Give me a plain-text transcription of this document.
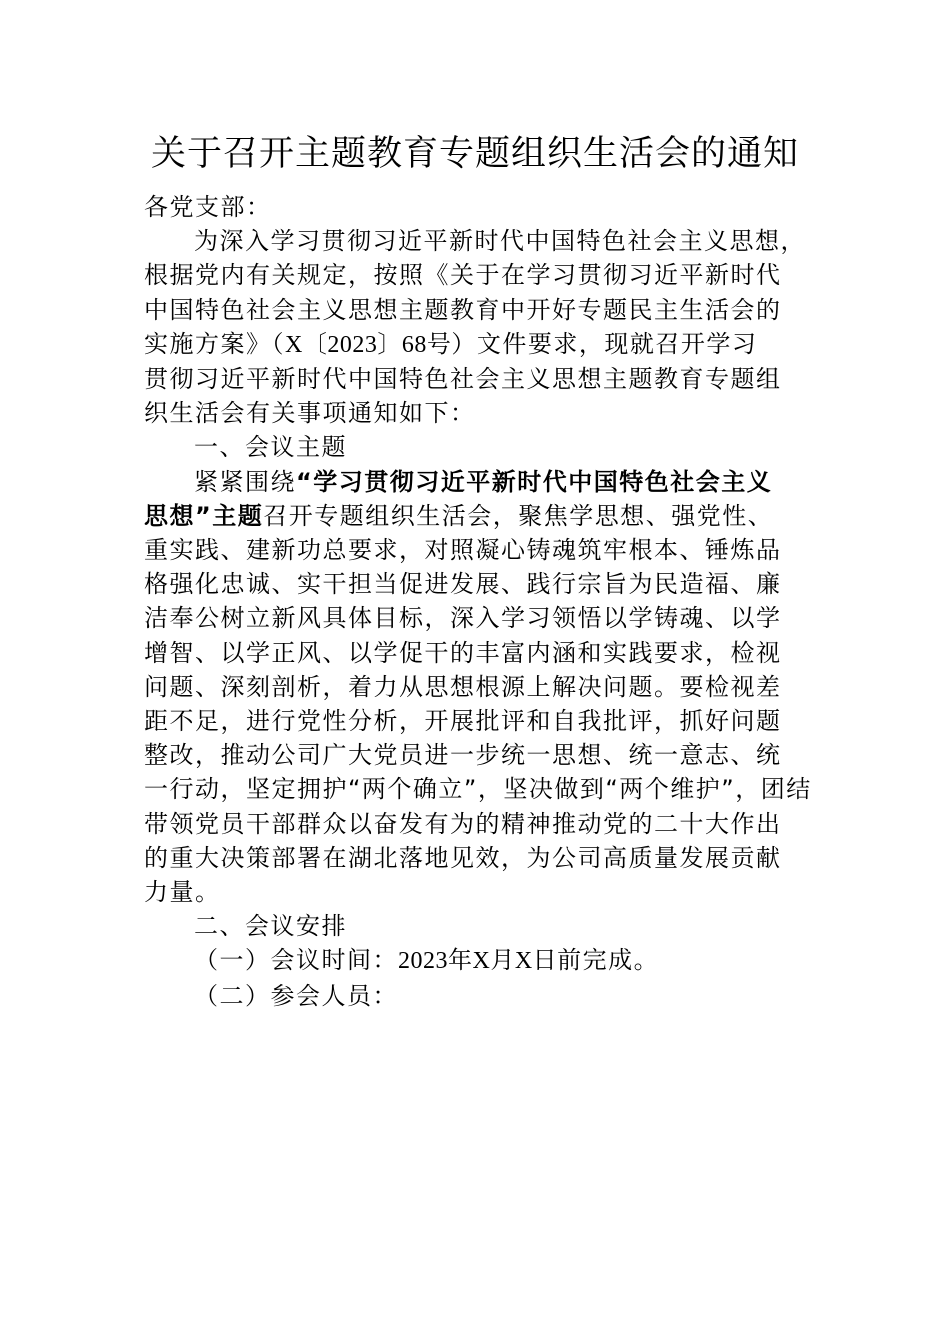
关于召开主题教育专题组织生活会的通知

各党支部：

为深入学习贯彻习近平新时代中国特色社会主义思想，

根据党内有关规定，按照《关于在学习贯彻习近平新时代

中国特色社会主义思想主题教育中开好专题民主生活会的

实施方案》（X〔2023〕68号）文件要求，现就召开学习

贯彻习近平新时代中国特色社会主义思想主题教育专题组

织生活会有关事项通知如下：

一、会议主题

紧紧围绕“学习贯彻习近平新时代中国特色社会主义

思想”主题召开专题组织生活会，聚焦学思想、强党性、

重实践、建新功总要求，对照凝心铸魂筑牢根本、锤炼品

格强化忠诚、实干担当促进发展、践行宗旨为民造福、廉

洁奉公树立新风具体目标，深入学习领悟以学铸魂、以学

增智、以学正风、以学促干的丰富内涵和实践要求，检视

问题、深刻剖析，着力从思想根源上解决问题。要检视差

距不足，进行党性分析，开展批评和自我批评，抓好问题

整改，推动公司广大党员进一步统一思想、统一意志、统

一行动，坚定拥护“两个确立”，坚决做到“两个维护”，团结

带领党员干部群众以奋发有为的精神推动党的二十大作出

的重大决策部署在湖北落地见效，为公司高质量发展贡献

力量。

二、会议安排

（一）会议时间：2023年X月X日前完成。

（二）参会人员：
